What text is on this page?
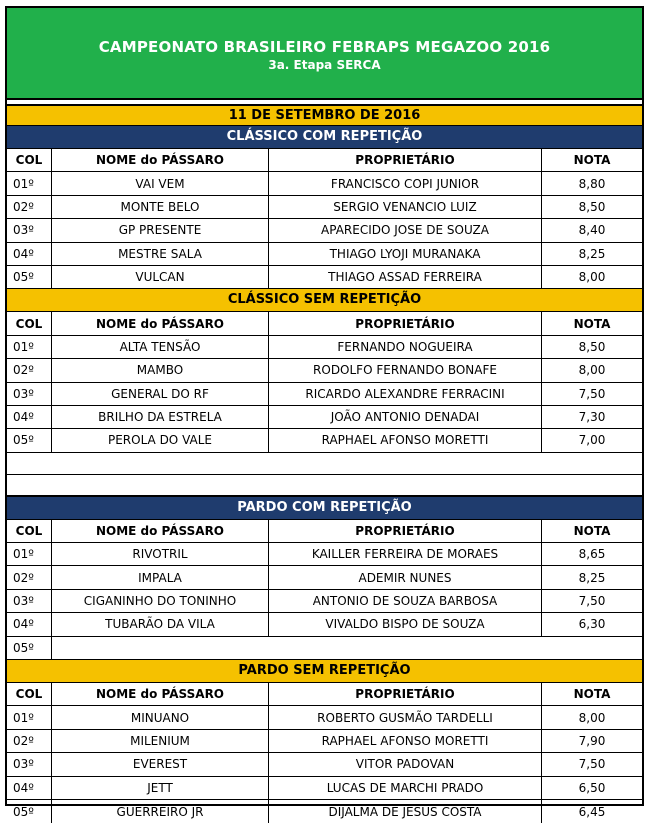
CAMPEONATO BRASILEIRO FEBRAPS MEGAZOO 2016
3a. Etapa SERCA
11 DE SETEMBRO DE 2016
CLÁSSICO COM REPETIÇÃO
COL	NOME do PÁSSARO	PROPRIETÁRIO	NOTA
01º	VAI VEM	FRANCISCO COPI JUNIOR	8,80
02º	MONTE BELO	SERGIO VENANCIO LUIZ	8,50
03º	GP PRESENTE	APARECIDO JOSE DE SOUZA	8,40
04º	MESTRE SALA	THIAGO LYOJI MURANAKA	8,25
05º	VULCAN	THIAGO ASSAD FERREIRA	8,00
CLÁSSICO SEM REPETIÇÃO
COL	NOME do PÁSSARO	PROPRIETÁRIO	NOTA
01º	ALTA TENSÃO	FERNANDO NOGUEIRA	8,50
02º	MAMBO	RODOLFO FERNANDO BONAFE	8,00
03º	GENERAL DO RF	RICARDO ALEXANDRE FERRACINI	7,50
04º	BRILHO DA ESTRELA	JOÃO ANTONIO DENADAI	7,30
05º	PEROLA DO VALE	RAPHAEL AFONSO MORETTI	7,00
PARDO COM REPETIÇÃO
COL	NOME do PÁSSARO	PROPRIETÁRIO	NOTA
01º	RIVOTRIL	KAILLER FERREIRA DE MORAES	8,65
02º	IMPALA	ADEMIR NUNES	8,25
03º	CIGANINHO DO TONINHO	ANTONIO DE SOUZA BARBOSA	7,50
04º	TUBARÃO DA VILA	VIVALDO BISPO DE SOUZA	6,30
05º
PARDO SEM REPETIÇÃO
COL	NOME do PÁSSARO	PROPRIETÁRIO	NOTA
01º	MINUANO	ROBERTO GUSMÃO TARDELLI	8,00
02º	MILENIUM	RAPHAEL AFONSO MORETTI	7,90
03º	EVEREST	VITOR PADOVAN	7,50
04º	JETT	LUCAS DE MARCHI PRADO	6,50
05º	GUERREIRO JR	DIJALMA DE JESUS COSTA	6,45
